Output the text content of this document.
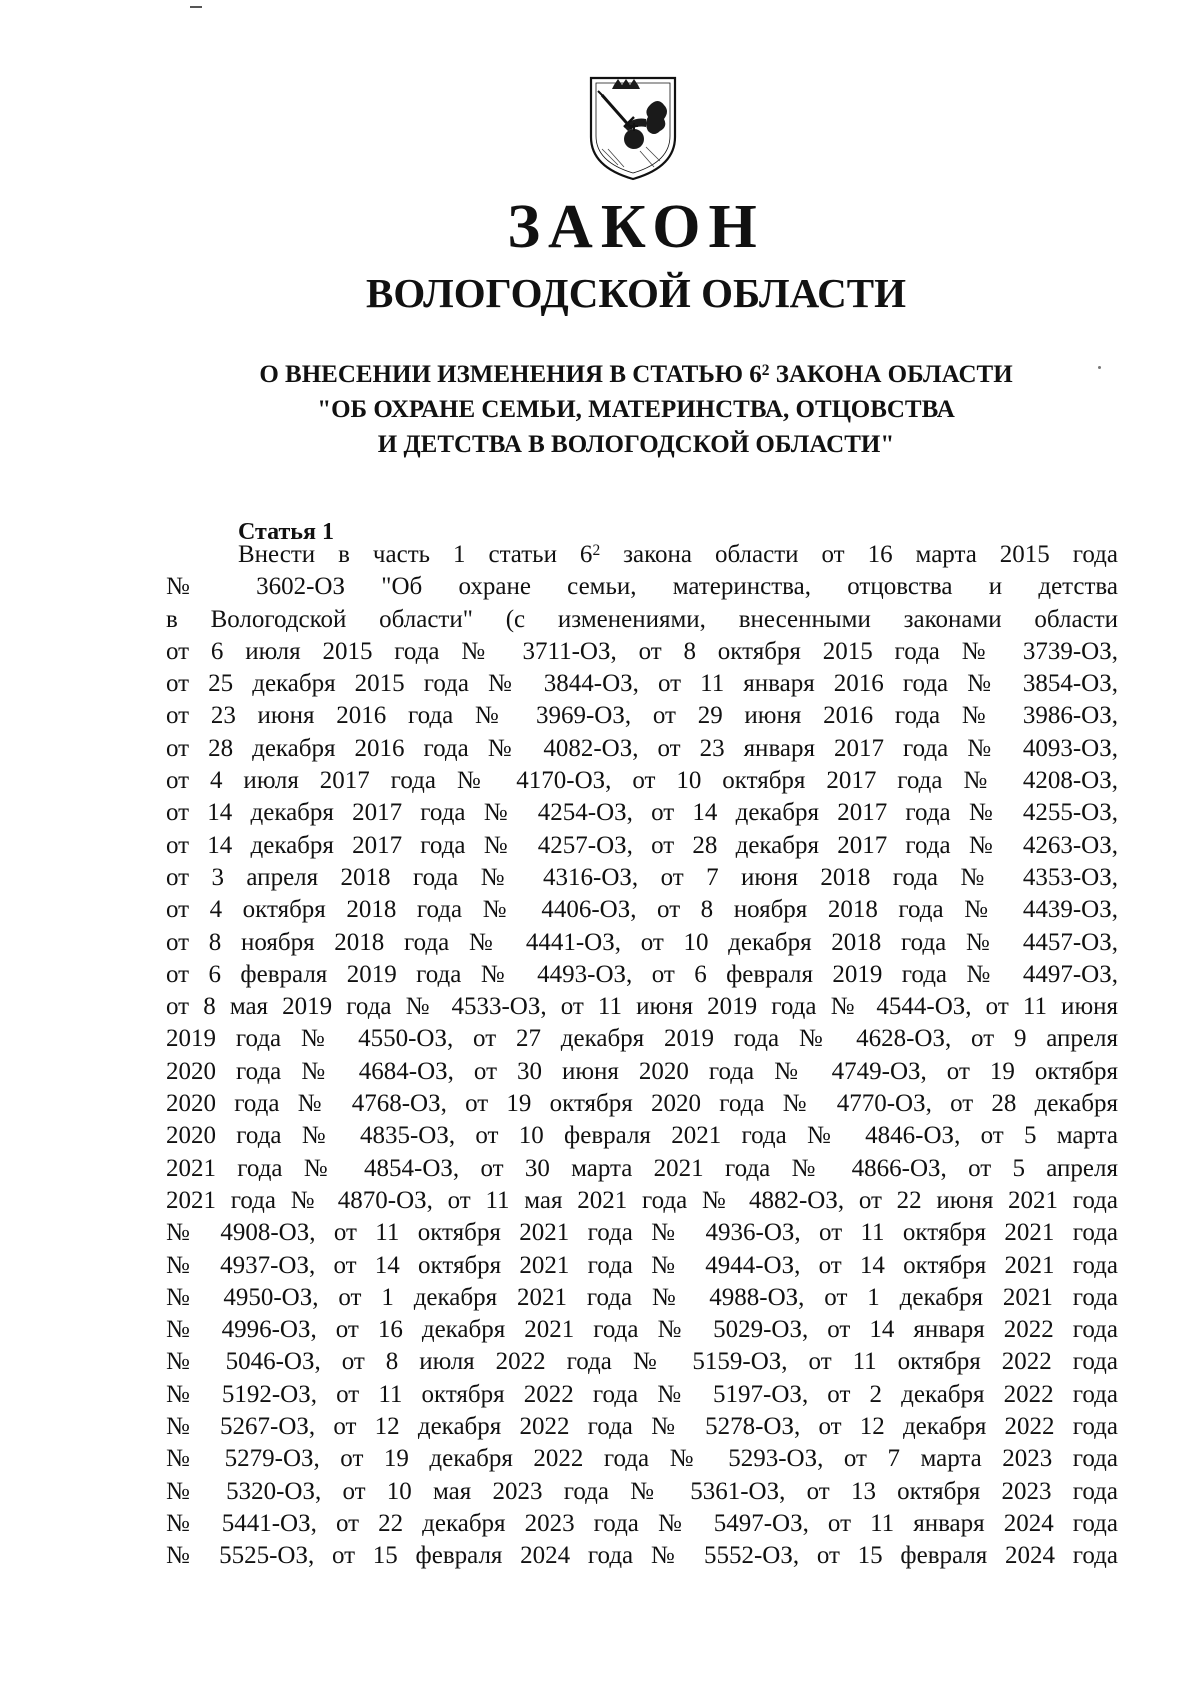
ЗАКОН
ВОЛОГОДСКОЙ ОБЛАСТИ
О ВНЕСЕНИИ ИЗМЕНЕНИЯ В СТАТЬЮ $6^2$ ЗАКОНА ОБЛАСТИ
"ОБ ОХРАНЕ СЕМЬИ, МАТЕРИНСТВА, ОТЦОВСТВА
И ДЕТСТВА В ВОЛОГОДСКОЙ ОБЛАСТИ"
Статья 1
Внести в часть 1 статьи $6^2$ закона области от 16 марта 2015 года
№ 3602-ОЗ "Об охране семьи, материнства, отцовства и детства
в Вологодской области" (с изменениями, внесенными законами области
от 6 июля 2015 года № 3711-ОЗ, от 8 октября 2015 года № 3739-ОЗ,
от 25 декабря 2015 года № 3844-ОЗ, от 11 января 2016 года № 3854-ОЗ,
от 23 июня 2016 года № 3969-ОЗ, от 29 июня 2016 года № 3986-ОЗ,
от 28 декабря 2016 года № 4082-ОЗ, от 23 января 2017 года № 4093-ОЗ,
от 4 июля 2017 года № 4170-ОЗ, от 10 октября 2017 года № 4208-ОЗ,
от 14 декабря 2017 года № 4254-ОЗ, от 14 декабря 2017 года № 4255-ОЗ,
от 14 декабря 2017 года № 4257-ОЗ, от 28 декабря 2017 года № 4263-ОЗ,
от 3 апреля 2018 года № 4316-ОЗ, от 7 июня 2018 года № 4353-ОЗ,
от 4 октября 2018 года № 4406-ОЗ, от 8 ноября 2018 года № 4439-ОЗ,
от 8 ноября 2018 года № 4441-ОЗ, от 10 декабря 2018 года № 4457-ОЗ,
от 6 февраля 2019 года № 4493-ОЗ, от 6 февраля 2019 года № 4497-ОЗ,
от 8 мая 2019 года № 4533-ОЗ, от 11 июня 2019 года № 4544-ОЗ, от 11 июня
2019 года № 4550-ОЗ, от 27 декабря 2019 года № 4628-ОЗ, от 9 апреля
2020 года № 4684-ОЗ, от 30 июня 2020 года № 4749-ОЗ, от 19 октября
2020 года № 4768-ОЗ, от 19 октября 2020 года № 4770-ОЗ, от 28 декабря
2020 года № 4835-ОЗ, от 10 февраля 2021 года № 4846-ОЗ, от 5 марта
2021 года № 4854-ОЗ, от 30 марта 2021 года № 4866-ОЗ, от 5 апреля
2021 года № 4870-ОЗ, от 11 мая 2021 года № 4882-ОЗ, от 22 июня 2021 года
№ 4908-ОЗ, от 11 октября 2021 года № 4936-ОЗ, от 11 октября 2021 года
№ 4937-ОЗ, от 14 октября 2021 года № 4944-ОЗ, от 14 октября 2021 года
№ 4950-ОЗ, от 1 декабря 2021 года № 4988-ОЗ, от 1 декабря 2021 года
№ 4996-ОЗ, от 16 декабря 2021 года № 5029-ОЗ, от 14 января 2022 года
№ 5046-ОЗ, от 8 июля 2022 года № 5159-ОЗ, от 11 октября 2022 года
№ 5192-ОЗ, от 11 октября 2022 года № 5197-ОЗ, от 2 декабря 2022 года
№ 5267-ОЗ, от 12 декабря 2022 года № 5278-ОЗ, от 12 декабря 2022 года
№ 5279-ОЗ, от 19 декабря 2022 года № 5293-ОЗ, от 7 марта 2023 года
№ 5320-ОЗ, от 10 мая 2023 года № 5361-ОЗ, от 13 октября 2023 года
№ 5441-ОЗ, от 22 декабря 2023 года № 5497-ОЗ, от 11 января 2024 года
№ 5525-ОЗ, от 15 февраля 2024 года № 5552-ОЗ, от 15 февраля 2024 года
